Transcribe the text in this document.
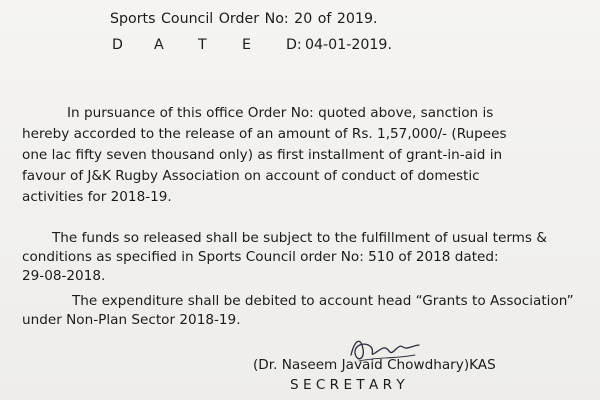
Sports Council Order No: 20 of 2019.
D A T E D: 04-01-2019.
In pursuance of this office Order No: quoted above, sanction is
hereby accorded to the release of an amount of Rs. 1,57,000/- (Rupees
one lac fifty seven thousand only) as first installment of grant-in-aid in
favour of J&K Rugby Association on account of conduct of domestic
activities for 2018-19.
The funds so released shall be subject to the fulfillment of usual terms &
conditions as specified in Sports Council order No: 510 of 2018 dated:
29-08-2018.
The expenditure shall be debited to account head “Grants to Association”
under Non-Plan Sector 2018-19.
(Dr. Naseem Javaid Chowdhary)KAS
S E C R E T A R Y
